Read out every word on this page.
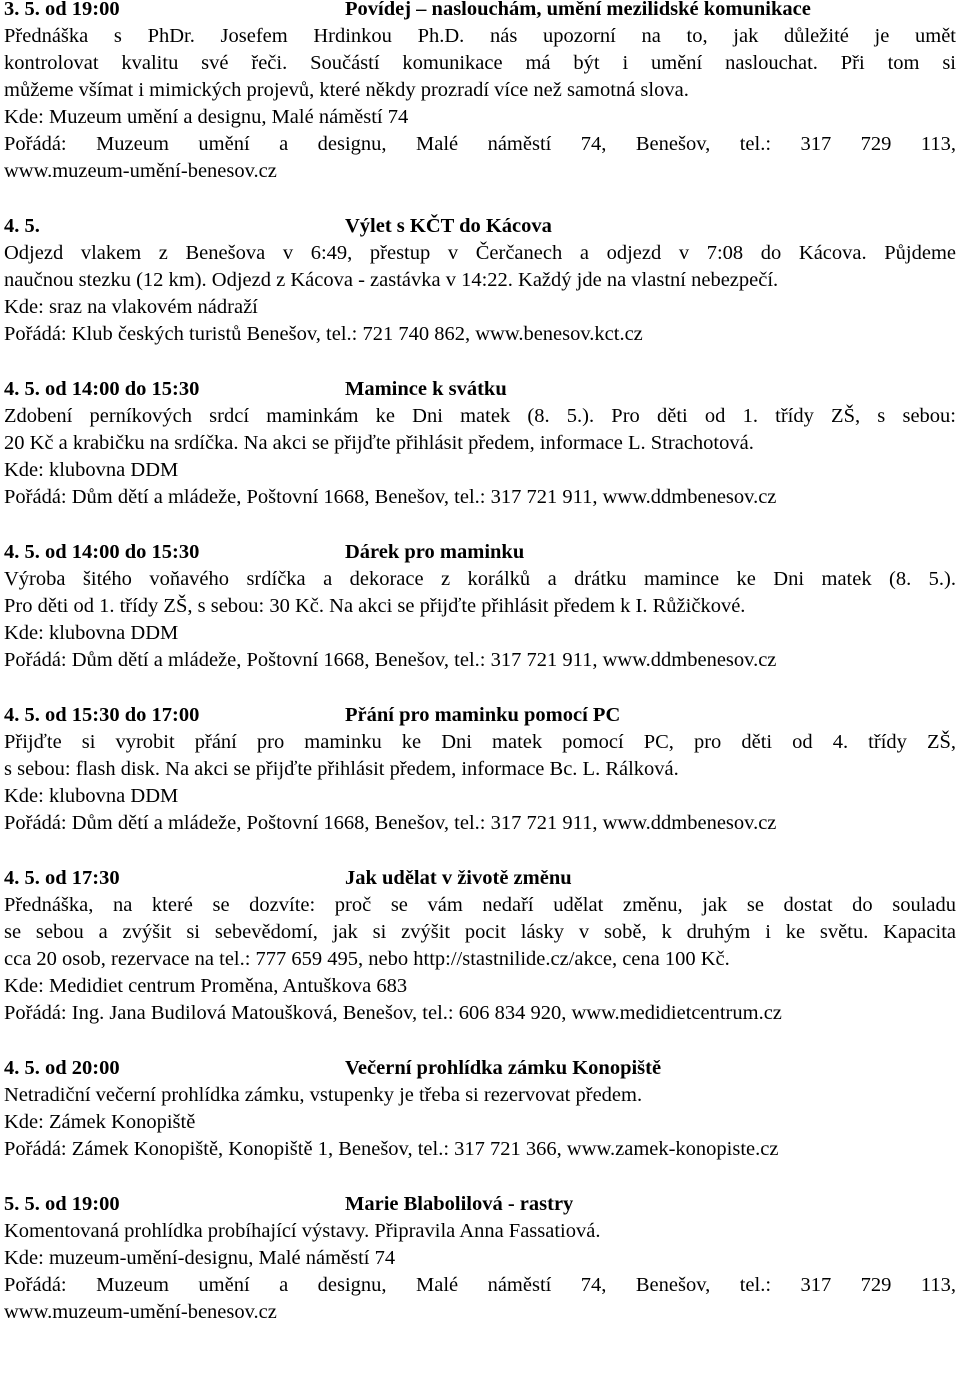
3. 5. od 19:00	Povídej – naslouchám, umění mezilidské komunikace
Přednáška s PhDr. Josefem Hrdinkou Ph.D. nás upozorní na to, jak důležité je umět
kontrolovat kvalitu své řeči. Součástí komunikace má být i umění naslouchat. Při tom si
můžeme všímat i mimických projevů, které někdy prozradí více než samotná slova.
Kde: Muzeum umění a designu, Malé náměstí 74
Pořádá: Muzeum umění a designu, Malé náměstí 74, Benešov, tel.: 317 729 113,
www.muzeum-umění-benesov.cz
4. 5.	Výlet s KČT do Kácova
Odjezd vlakem z Benešova v 6:49, přestup v Čerčanech a odjezd v 7:08 do Kácova. Půjdeme
naučnou stezku (12 km). Odjezd z Kácova - zastávka v 14:22. Každý jde na vlastní nebezpečí.
Kde: sraz na vlakovém nádraží
Pořádá: Klub českých turistů Benešov, tel.: 721 740 862, www.benesov.kct.cz
4. 5. od 14:00 do 15:30	Mamince k svátku
Zdobení perníkových srdcí maminkám ke Dni matek (8. 5.). Pro děti od 1. třídy ZŠ, s sebou:
20 Kč a krabičku na srdíčka. Na akci se přijďte přihlásit předem, informace L. Strachotová.
Kde: klubovna DDM
Pořádá: Dům dětí a mládeže, Poštovní 1668, Benešov, tel.: 317 721 911, www.ddmbenesov.cz
4. 5. od 14:00 do 15:30	Dárek pro maminku
Výroba šitého voňavého srdíčka a dekorace z korálků a drátku mamince ke Dni matek (8. 5.).
Pro děti od 1. třídy ZŠ, s sebou: 30 Kč. Na akci se přijďte přihlásit předem k I. Růžičkové.
Kde: klubovna DDM
Pořádá: Dům dětí a mládeže, Poštovní 1668, Benešov, tel.: 317 721 911, www.ddmbenesov.cz
4. 5. od 15:30 do 17:00	Přání pro maminku pomocí PC
Přijďte si vyrobit přání pro maminku ke Dni matek pomocí PC, pro děti od 4. třídy ZŠ,
s sebou: flash disk. Na akci se přijďte přihlásit předem, informace Bc. L. Rálková.
Kde: klubovna DDM
Pořádá: Dům dětí a mládeže, Poštovní 1668, Benešov, tel.: 317 721 911, www.ddmbenesov.cz
4. 5. od 17:30	Jak udělat v životě změnu
Přednáška, na které se dozvíte: proč se vám nedaří udělat změnu, jak se dostat do souladu
se sebou a zvýšit si sebevědomí, jak si zvýšit pocit lásky v sobě, k druhým i ke světu. Kapacita
cca 20 osob, rezervace na tel.: 777 659 495, nebo http://stastnilide.cz/akce, cena 100 Kč.
Kde: Medidiet centrum Proměna, Antuškova 683
Pořádá: Ing. Jana Budilová Matoušková, Benešov, tel.: 606 834 920, www.medidietcentrum.cz
4. 5. od 20:00	Večerní prohlídka zámku Konopiště
Netradiční večerní prohlídka zámku, vstupenky je třeba si rezervovat předem.
Kde: Zámek Konopiště
Pořádá: Zámek Konopiště, Konopiště 1, Benešov, tel.: 317 721 366, www.zamek-konopiste.cz
5. 5. od 19:00	Marie Blabolilová - rastry
Komentovaná prohlídka probíhající výstavy. Připravila Anna Fassatiová.
Kde: muzeum-umění-designu, Malé náměstí 74
Pořádá: Muzeum umění a designu, Malé náměstí 74, Benešov, tel.: 317 729 113,
www.muzeum-umění-benesov.cz
